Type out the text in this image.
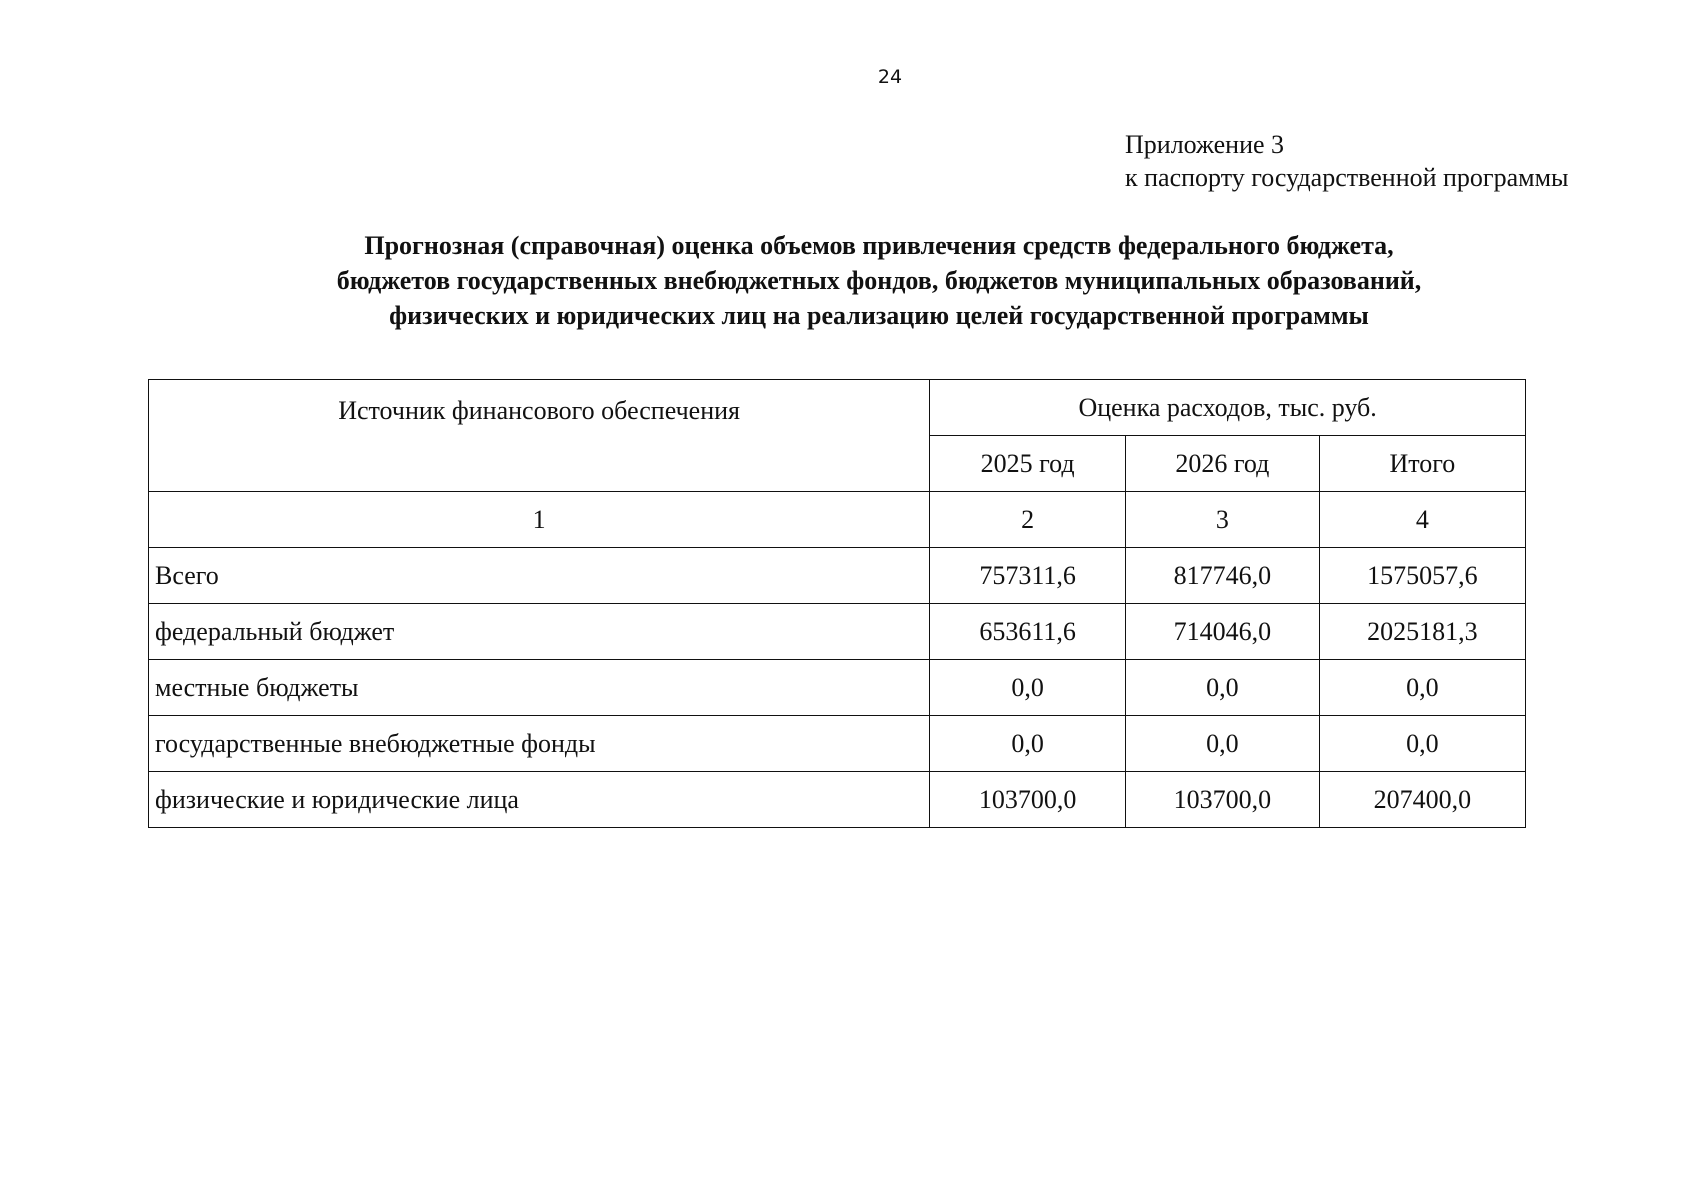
24
Приложение 3
к паспорту государственной программы
Прогнозная (справочная) оценка объемов привлечения средств федерального бюджета,
бюджетов государственных внебюджетных фондов, бюджетов муниципальных образований,
физических и юридических лиц на реализацию целей государственной программы
Источник финансового обеспечения	Оценка расходов, тыс. руб.		
	2025 год	2026 год	Итого
1	2	3	4
Всего	757311,6	817746,0	1575057,6
федеральный бюджет	653611,6	714046,0	2025181,3
местные бюджеты	0,0	0,0	0,0
государственные внебюджетные фонды	0,0	0,0	0,0
физические и юридические лица	103700,0	103700,0	207400,0
